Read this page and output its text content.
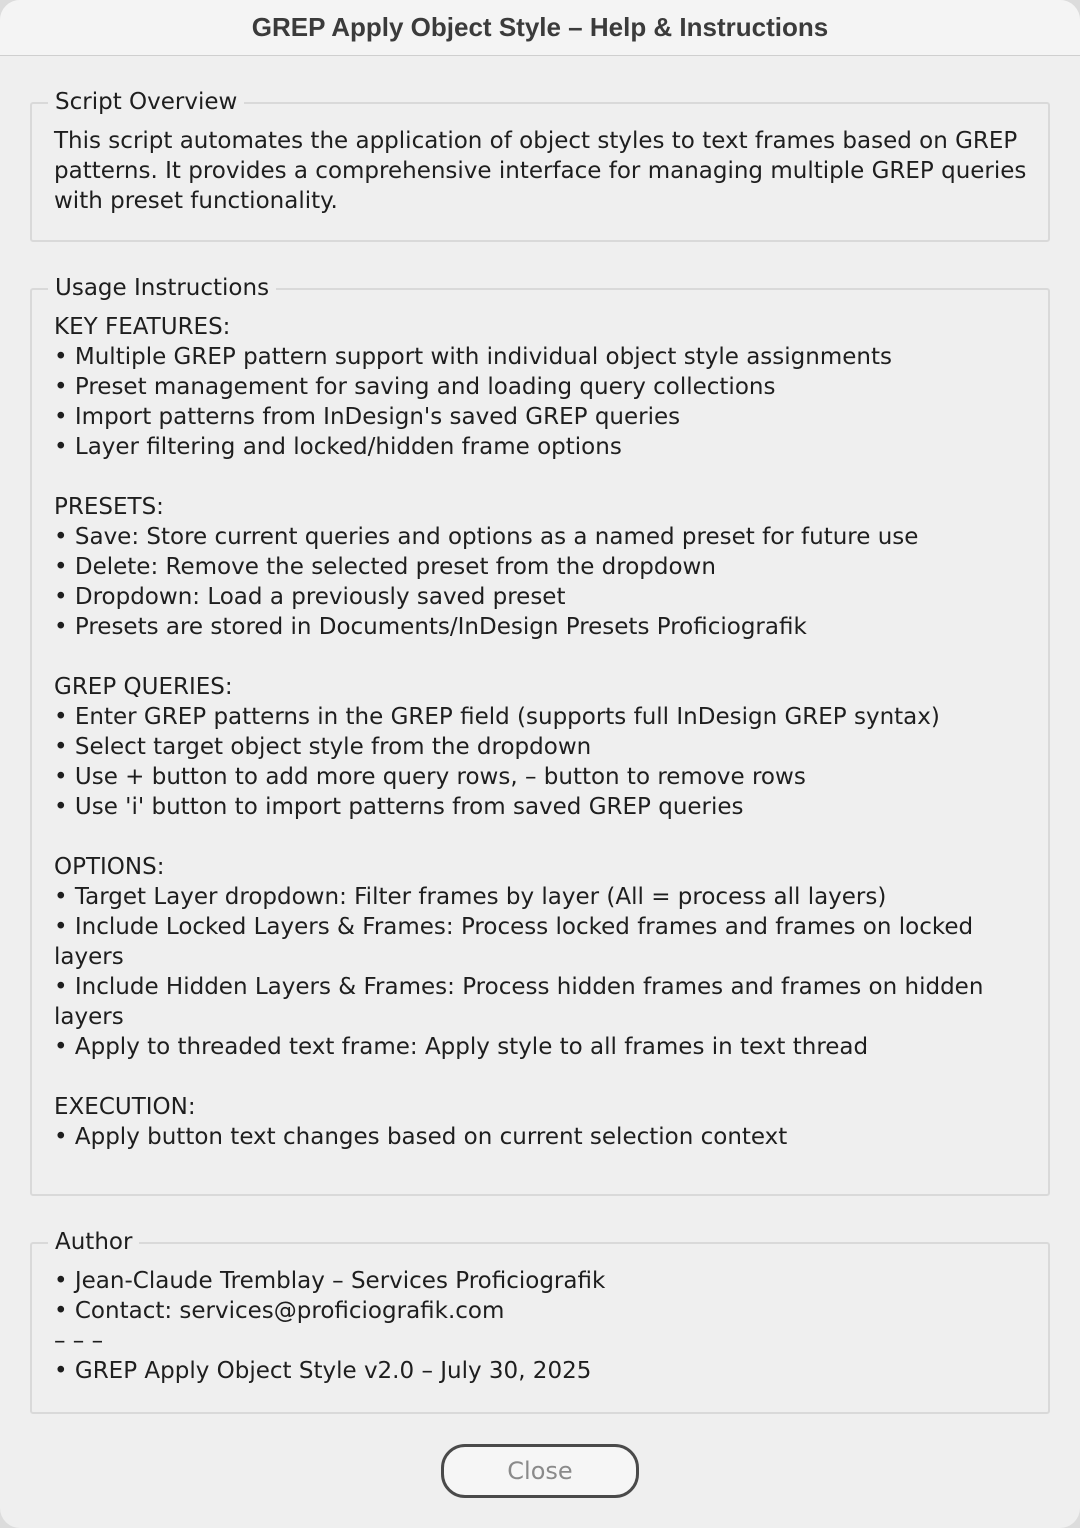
GREP Apply Object Style – Help & Instructions
Script Overview
This script automates the application of object styles to text frames based on GREP patterns. It provides a comprehensive interface for managing multiple GREP queries with preset functionality.
Usage Instructions
KEY FEATURES:
• Multiple GREP pattern support with individual object style assignments
• Preset management for saving and loading query collections
• Import patterns from InDesign's saved GREP queries
• Layer filtering and locked/hidden frame options

PRESETS:
• Save: Store current queries and options as a named preset for future use
• Delete: Remove the selected preset from the dropdown
• Dropdown: Load a previously saved preset
• Presets are stored in Documents/InDesign Presets Proficiografik

GREP QUERIES:
• Enter GREP patterns in the GREP field (supports full InDesign GREP syntax)
• Select target object style from the dropdown
• Use + button to add more query rows, – button to remove rows
• Use 'i' button to import patterns from saved GREP queries

OPTIONS:
• Target Layer dropdown: Filter frames by layer (All = process all layers)
• Include Locked Layers & Frames: Process locked frames and frames on locked layers
• Include Hidden Layers & Frames: Process hidden frames and frames on hidden layers
• Apply to threaded text frame: Apply style to all frames in text thread

EXECUTION:
• Apply button text changes based on current selection context
Author
• Jean-Claude Tremblay – Services Proficiografik
• Contact: services@proficiografik.com
– – –
• GREP Apply Object Style v2.0 – July 30, 2025
Close
